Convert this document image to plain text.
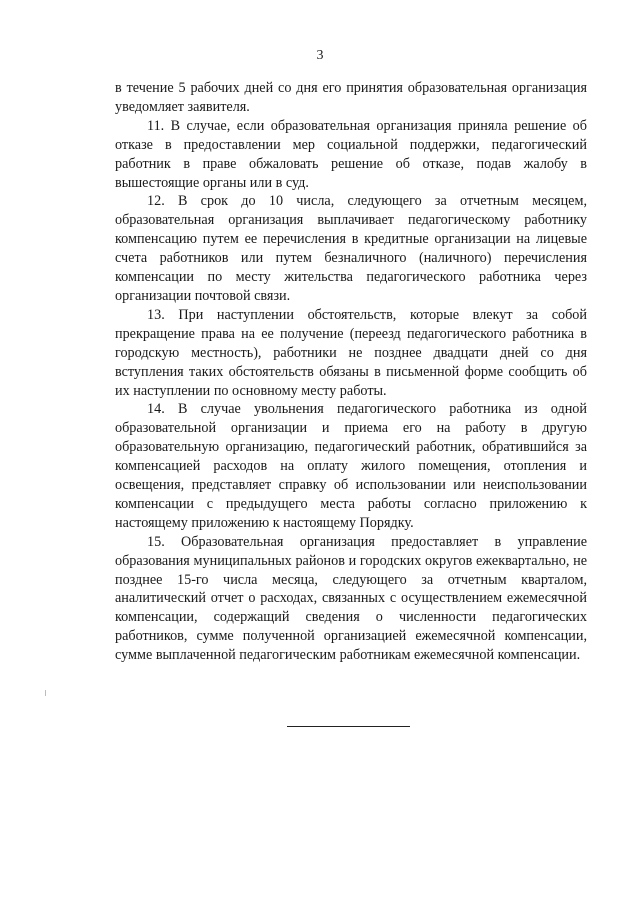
3

в течение 5 рабочих дней со дня его принятия образовательная организация уведомляет заявителя.

11. В случае, если образовательная организация приняла решение об отказе в предоставлении мер социальной поддержки, педагогический работник в праве обжаловать решение об отказе, подав жалобу в вышестоящие органы или в суд.

12. В срок до 10 числа, следующего за отчетным месяцем, образовательная организация выплачивает педагогическому работнику компенсацию путем ее перечисления в кредитные организации на лицевые счета работников или путем безналичного (наличного) перечисления компенсации по месту жительства педагогического работника через организации почтовой связи.

13. При наступлении обстоятельств, которые влекут за собой прекращение права на ее получение (переезд педагогического работника в городскую местность), работники не позднее двадцати дней со дня вступления таких обстоятельств обязаны в письменной форме сообщить об их наступлении по основному месту работы.

14. В случае увольнения педагогического работника из одной образовательной организации и приема его на работу в другую образовательную организацию, педагогический работник, обратившийся за компенсацией расходов на оплату жилого помещения, отопления и освещения, представляет справку об использовании или неиспользовании компенсации с предыдущего места работы согласно приложению к настоящему приложению к настоящему Порядку.

15. Образовательная организация предоставляет в управление образования муниципальных районов и городских округов ежеквартально, не позднее 15-го числа месяца, следующего за отчетным кварталом, аналитический отчет о расходах, связанных с осуществлением ежемесячной компенсации, содержащий сведения о численности педагогических работников, сумме полученной организацией ежемесячной компенсации, сумме выплаченной педагогическим работникам ежемесячной компенсации.
